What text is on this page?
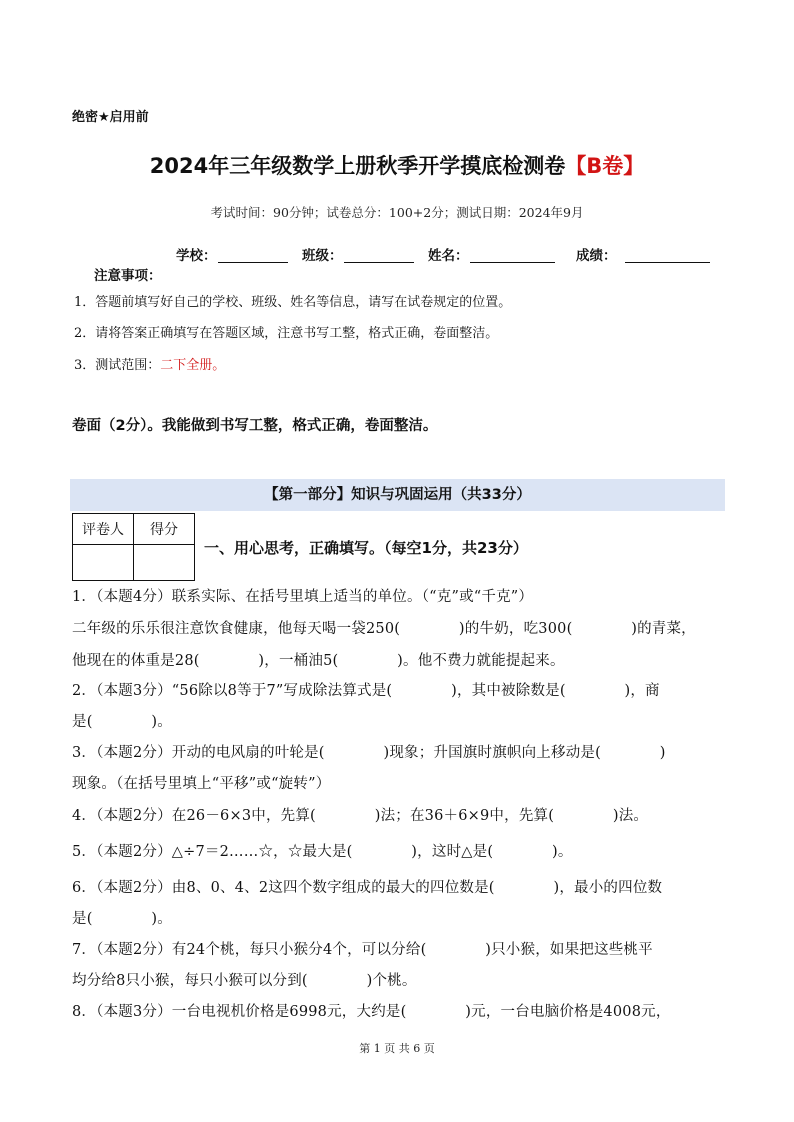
绝密★启用前
2024年三年级数学上册秋季开学摸底检测卷【B卷】
考试时间：90分钟；试卷总分：100+2分；测试日期：2024年9月
学校：	班级：	姓名：	成绩：
注意事项：
1．答题前填写好自己的学校、班级、姓名等信息，请写在试卷规定的位置。
2．请将答案正确填写在答题区域，注意书写工整，格式正确，卷面整洁。
3．测试范围：二下全册。
卷面（2分）。我能做到书写工整，格式正确，卷面整洁。
【第一部分】知识与巩固运用（共33分）
评卷人	得分

一、用心思考，正确填写。（每空1分，共23分）
1．（本题4分）联系实际、在括号里填上适当的单位。（“克”或“千克”）
二年级的乐乐很注意饮食健康，他每天喝一袋250(　　　　)的牛奶，吃300(　　　　)的青菜，
他现在的体重是28(　　　　)，一桶油5(　　　　)。他不费力就能提起来。
2．（本题3分）“56除以8等于7”写成除法算式是(　　　　)，其中被除数是(　　　　)，商
是(　　　　)。
3．（本题2分）开动的电风扇的叶轮是(　　　　)现象；升国旗时旗帜向上移动是(　　　　)
现象。（在括号里填上“平移”或“旋转”）
4．（本题2分）在26－6×3中，先算(　　　　)法；在36＋6×9中，先算(　　　　)法。
5．（本题2分）△÷7＝2……☆，☆最大是(　　　　)，这时△是(　　　　)。
6．（本题2分）由8、0、4、2这四个数字组成的最大的四位数是(　　　　)，最小的四位数
是(　　　　)。
7．（本题2分）有24个桃，每只小猴分4个，可以分给(　　　　)只小猴，如果把这些桃平
均分给8只小猴，每只小猴可以分到(　　　　)个桃。
8．（本题3分）一台电视机价格是6998元，大约是(　　　　)元，一台电脑价格是4008元，
第 1 页 共 6 页
